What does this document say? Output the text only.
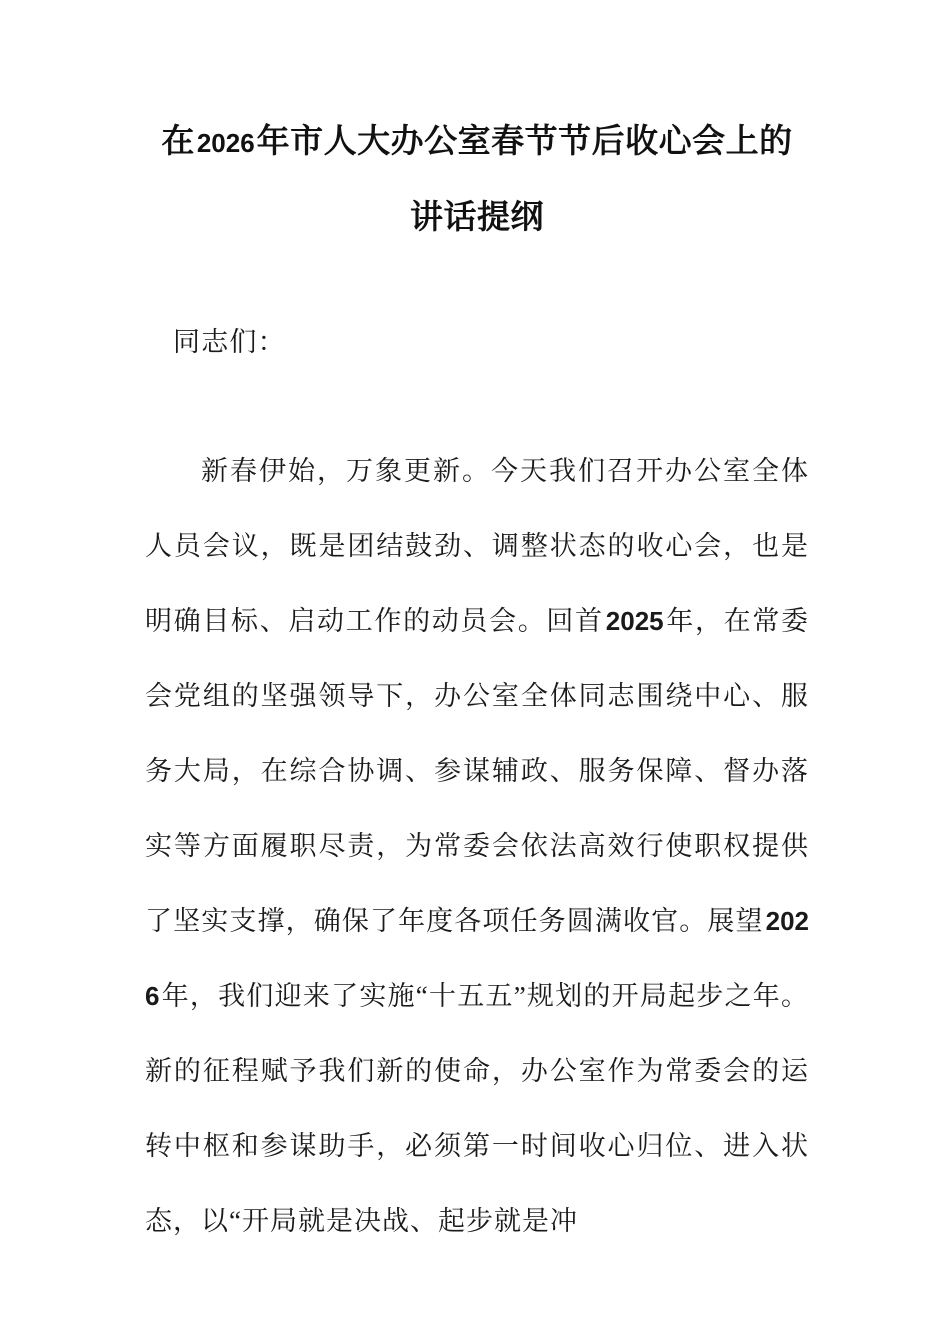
在2026年市人大办公室春节节后收心会上的讲话提纲

同志们：

新春伊始，万象更新。今天我们召开办公室全体人员会议，既是团结鼓劲、调整状态的收心会，也是明确目标、启动工作的动员会。回首2025年，在常委会党组的坚强领导下，办公室全体同志围绕中心、服务大局，在综合协调、参谋辅政、服务保障、督办落实等方面履职尽责，为常委会依法高效行使职权提供了坚实支撑，确保了年度各项任务圆满收官。展望2026年，我们迎来了实施“十五五”规划的开局起步之年。新的征程赋予我们新的使命，办公室作为常委会的运转中枢和参谋助手，必须第一时间收心归位、进入状态，以“开局就是决战、起步就是冲
